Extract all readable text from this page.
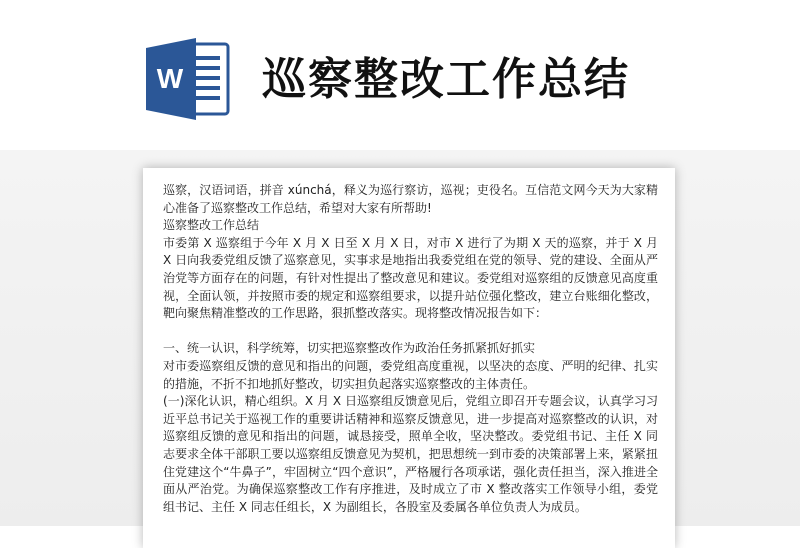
W 巡察整改工作总结

巡察，汉语词语，拼音 xúnchá，释义为巡行察访，巡视；吏役名。互信范文网今天为大家精心准备了巡察整改工作总结，希望对大家有所帮助!

巡察整改工作总结

市委第 X 巡察组于今年 X 月 X 日至 X 月 X 日，对市 X 进行了为期 X 天的巡察，并于 X 月 X 日向我委党组反馈了巡察意见，实事求是地指出我委党组在党的领导、党的建设、全面从严治党等方面存在的问题，有针对性提出了整改意见和建议。委党组对巡察组的反馈意见高度重视，全面认领，并按照市委的规定和巡察组要求，以提升站位强化整改，建立台账细化整改，靶向聚焦精准整改的工作思路，狠抓整改落实。现将整改情况报告如下：

一、统一认识，科学统筹，切实把巡察整改作为政治任务抓紧抓好抓实

对市委巡察组反馈的意见和指出的问题，委党组高度重视，以坚决的态度、严明的纪律、扎实的措施，不折不扣地抓好整改，切实担负起落实巡察整改的主体责任。

(一)深化认识，精心组织。X 月 X 日巡察组反馈意见后，党组立即召开专题会议，认真学习习近平总书记关于巡视工作的重要讲话精神和巡察反馈意见，进一步提高对巡察整改的认识，对巡察组反馈的意见和指出的问题，诚恳接受，照单全收，坚决整改。委党组书记、主任 X 同志要求全体干部职工要以巡察组反馈意见为契机，把思想统一到市委的决策部署上来，紧紧扭住党建这个“牛鼻子”，牢固树立“四个意识”，严格履行各项承诺，强化责任担当，深入推进全面从严治党。为确保巡察整改工作有序推进，及时成立了市 X 整改落实工作领导小组，委党组书记、主任 X 同志任组长，X 为副组长，各股室及委属各单位负责人为成员。
